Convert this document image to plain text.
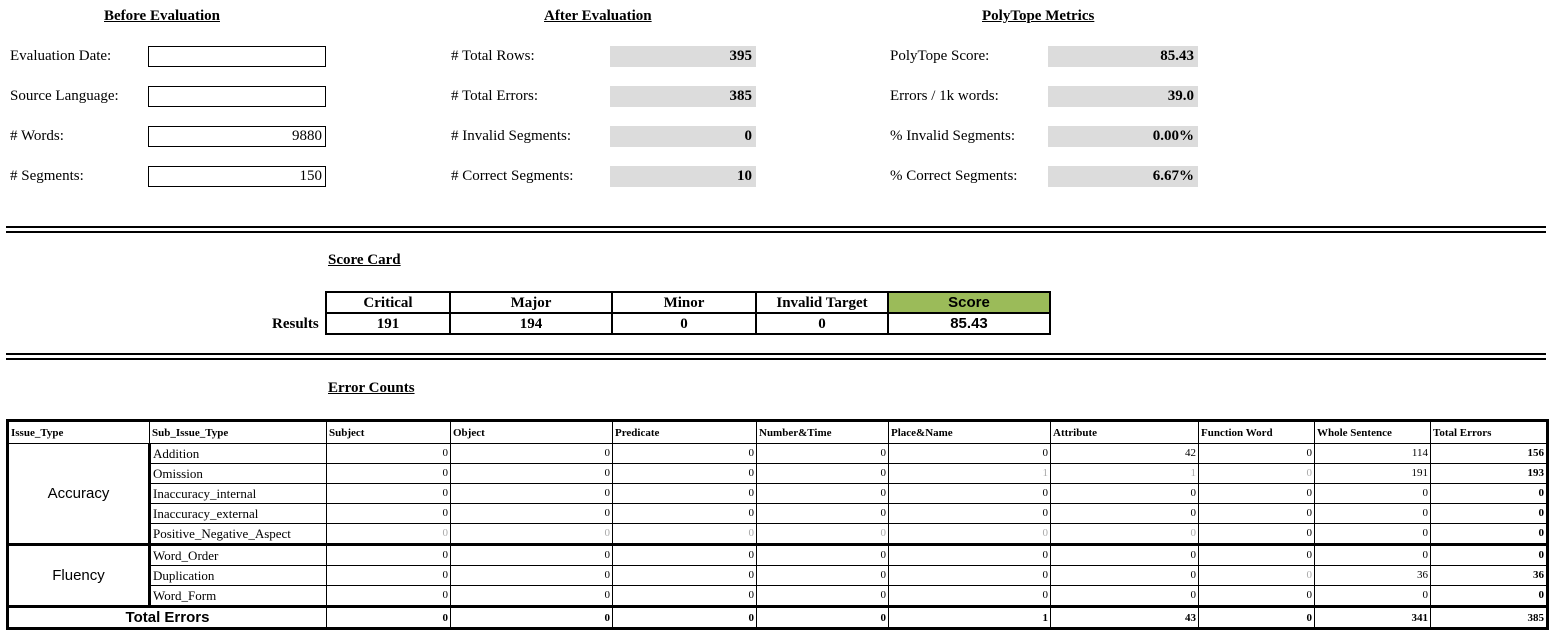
Before Evaluation	After Evaluation	PolyTope Metrics
Evaluation Date:
Source Language:
# Words:	9880
# Segments:	150
# Total Rows:	395
# Total Errors:	385
# Invalid Segments:	0
# Correct Segments:	10
PolyTope Score:	85.43
Errors / 1k words:	39.0
% Invalid Segments:	0.00%
% Correct Segments:	6.67%
Score Card
Results
Critical	Major	Minor	Invalid Target	Score
191	194	0	0	85.43
Error Counts
Issue_Type	Sub_Issue_Type	Subject	Object	Predicate	Number&Time	Place&Name	Attribute	Function Word	Whole Sentence	Total Errors
Accuracy	Addition	0	0	0	0	0	42	0	114	156
	Omission	0	0	0	0	1	1	0	191	193
	Inaccuracy_internal	0	0	0	0	0	0	0	0	0
	Inaccuracy_external	0	0	0	0	0	0	0	0	0
	Positive_Negative_Aspect	0	0	0	0	0	0	0	0	0
Fluency	Word_Order	0	0	0	0	0	0	0	0	0
	Duplication	0	0	0	0	0	0	0	36	36
	Word_Form	0	0	0	0	0	0	0	0	0
Total Errors		0	0	0	0	1	43	0	341	385
